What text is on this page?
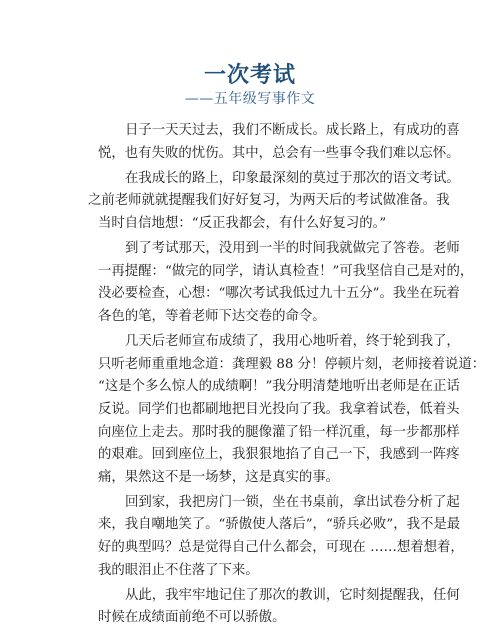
一次考试
——五年级写事作文
日子一天天过去，我们不断成长。成长路上，有成功的喜
悦，也有失败的忧伤。其中，总会有一些事令我们难以忘怀。
在我成长的路上，印象最深刻的莫过于那次的语文考试。
之前老师就就提醒我们好好复习，为两天后的考试做准备。我
当时自信地想：“反正我都会，有什么好复习的。”
到了考试那天，没用到一半的时间我就做完了答卷。老师
一再提醒：“做完的同学，请认真检查！”可我坚信自己是对的，
没必要检查，心想：“哪次考试我低过九十五分”。我坐在玩着
各色的笔，等着老师下达交卷的命令。
几天后老师宣布成绩了，我用心地听着，终于轮到我了，
只听老师重重地念道：龚理毅 88 分！停顿片刻，老师接着说道：
“这是个多么惊人的成绩啊！”我分明清楚地听出老师是在正话
反说。同学们也都刷地把目光投向了我。我拿着试卷，低着头
向座位上走去。那时我的腿像灌了铅一样沉重，每一步都那样
的艰难。回到座位上，我狠狠地掐了自己一下，我感到一阵疼
痛，果然这不是一场梦，这是真实的事。
回到家，我把房门一锁，坐在书桌前，拿出试卷分析了起
来，我自嘲地笑了。“骄傲使人落后”，“骄兵必败”，我不是最
好的典型吗？总是觉得自己什么都会，可现在 ……想着想着，
我的眼泪止不住落了下来。
从此，我牢牢地记住了那次的教训，它时刻提醒我，任何
时候在成绩面前绝不可以骄傲。
